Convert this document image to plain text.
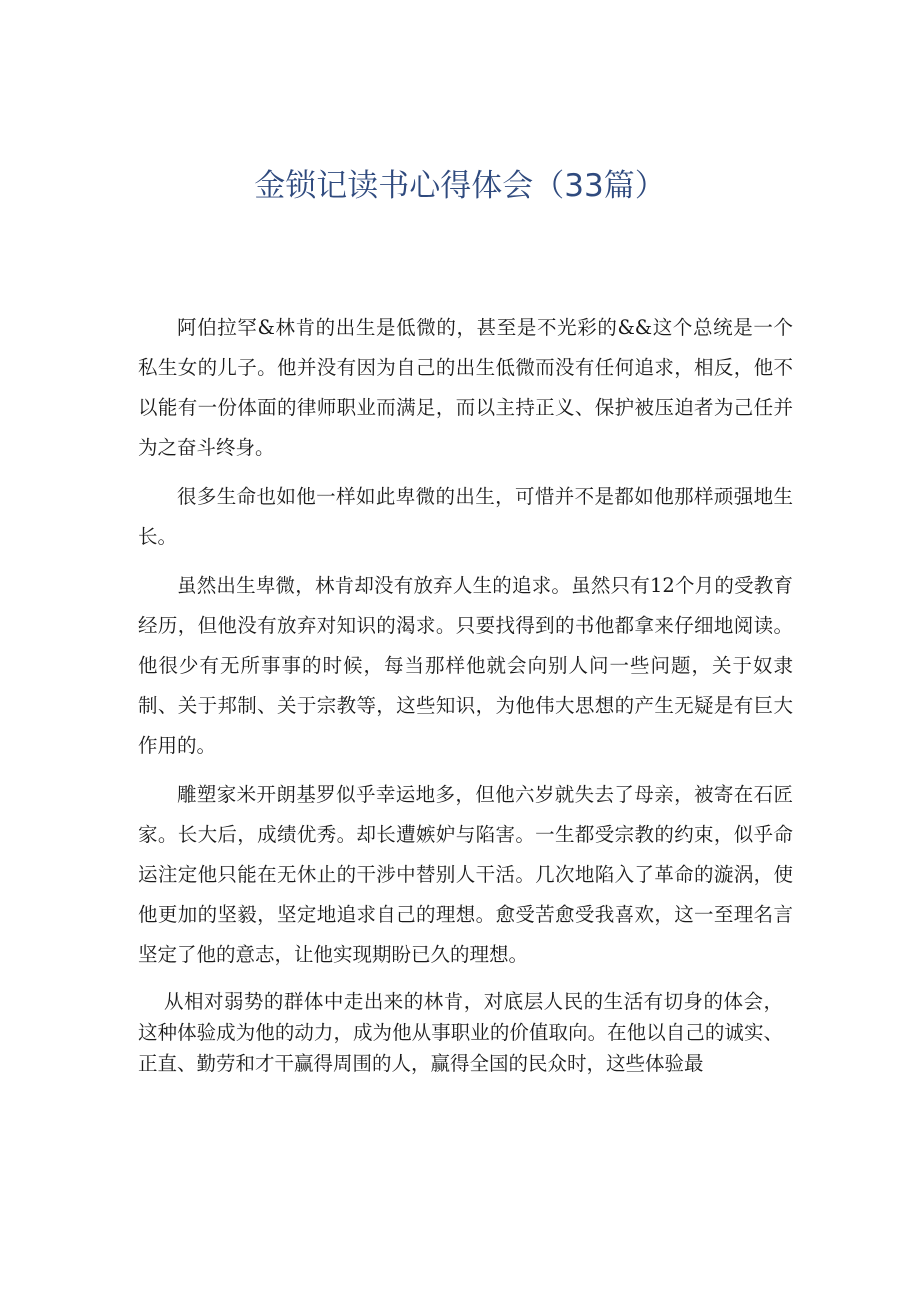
金锁记读书心得体会（33篇）

阿伯拉罕&林肯的出生是低微的，甚至是不光彩的&&这个总统是一个私生女的儿子。他并没有因为自己的出生低微而没有任何追求，相反，他不以能有一份体面的律师职业而满足，而以主持正义、保护被压迫者为己任并为之奋斗终身。

很多生命也如他一样如此卑微的出生，可惜并不是都如他那样顽强地生长。

虽然出生卑微，林肯却没有放弃人生的追求。虽然只有12个月的受教育经历，但他没有放弃对知识的渴求。只要找得到的书他都拿来仔细地阅读。他很少有无所事事的时候，每当那样他就会向别人问一些问题，关于奴隶制、关于邦制、关于宗教等，这些知识，为他伟大思想的产生无疑是有巨大作用的。

雕塑家米开朗基罗似乎幸运地多，但他六岁就失去了母亲，被寄在石匠家。长大后，成绩优秀。却长遭嫉妒与陷害。一生都受宗教的约束，似乎命运注定他只能在无休止的干涉中替别人干活。几次地陷入了革命的漩涡，使他更加的坚毅，坚定地追求自己的理想。愈受苦愈受我喜欢，这一至理名言坚定了他的意志，让他实现期盼已久的理想。

从相对弱势的群体中走出来的林肯，对底层人民的生活有切身的体会，这种体验成为他的动力，成为他从事职业的价值取向。在他以自己的诚实、正直、勤劳和才干赢得周围的人，赢得全国的民众时，这些体验最
